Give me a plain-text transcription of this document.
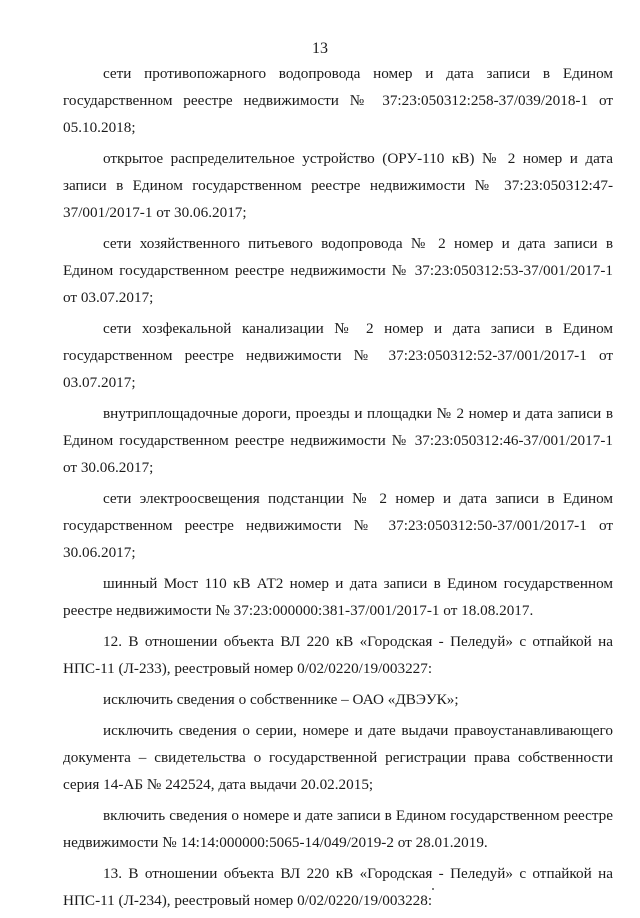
13

сети противопожарного водопровода номер и дата записи в Едином государственном реестре недвижимости № 37:23:050312:258-37/039/2018-1 от 05.10.2018;

открытое распределительное устройство (ОРУ-110 кВ) № 2 номер и дата записи в Едином государственном реестре недвижимости № 37:23:050312:47-37/001/2017-1 от 30.06.2017;

сети хозяйственного питьевого водопровода № 2 номер и дата записи в Едином государственном реестре недвижимости № 37:23:050312:53-37/001/2017-1 от 03.07.2017;

сети хозфекальной канализации № 2 номер и дата записи в Едином государственном реестре недвижимости № 37:23:050312:52-37/001/2017-1 от 03.07.2017;

внутриплощадочные дороги, проезды и площадки № 2 номер и дата записи в Едином государственном реестре недвижимости № 37:23:050312:46-37/001/2017-1 от 30.06.2017;

сети электроосвещения подстанции № 2 номер и дата записи в Едином государственном реестре недвижимости № 37:23:050312:50-37/001/2017-1 от 30.06.2017;

шинный Мост 110 кВ АТ2 номер и дата записи в Едином государственном реестре недвижимости № 37:23:000000:381-37/001/2017-1 от 18.08.2017.

12. В отношении объекта ВЛ 220 кВ «Городская - Пеледуй» с отпайкой на НПС-11 (Л-233), реестровый номер 0/02/0220/19/003227:

исключить сведения о собственнике – ОАО «ДВЭУК»;

исключить сведения о серии, номере и дате выдачи правоустанавливающего документа – свидетельства о государственной регистрации права собственности серия 14-АБ № 242524, дата выдачи 20.02.2015;

включить сведения о номере и дате записи в Едином государственном реестре недвижимости № 14:14:000000:5065-14/049/2019-2 от 28.01.2019.

13. В отношении объекта ВЛ 220 кВ «Городская - Пеледуй» с отпайкой на НПС-11 (Л-234), реестровый номер 0/02/0220/19/003228:
